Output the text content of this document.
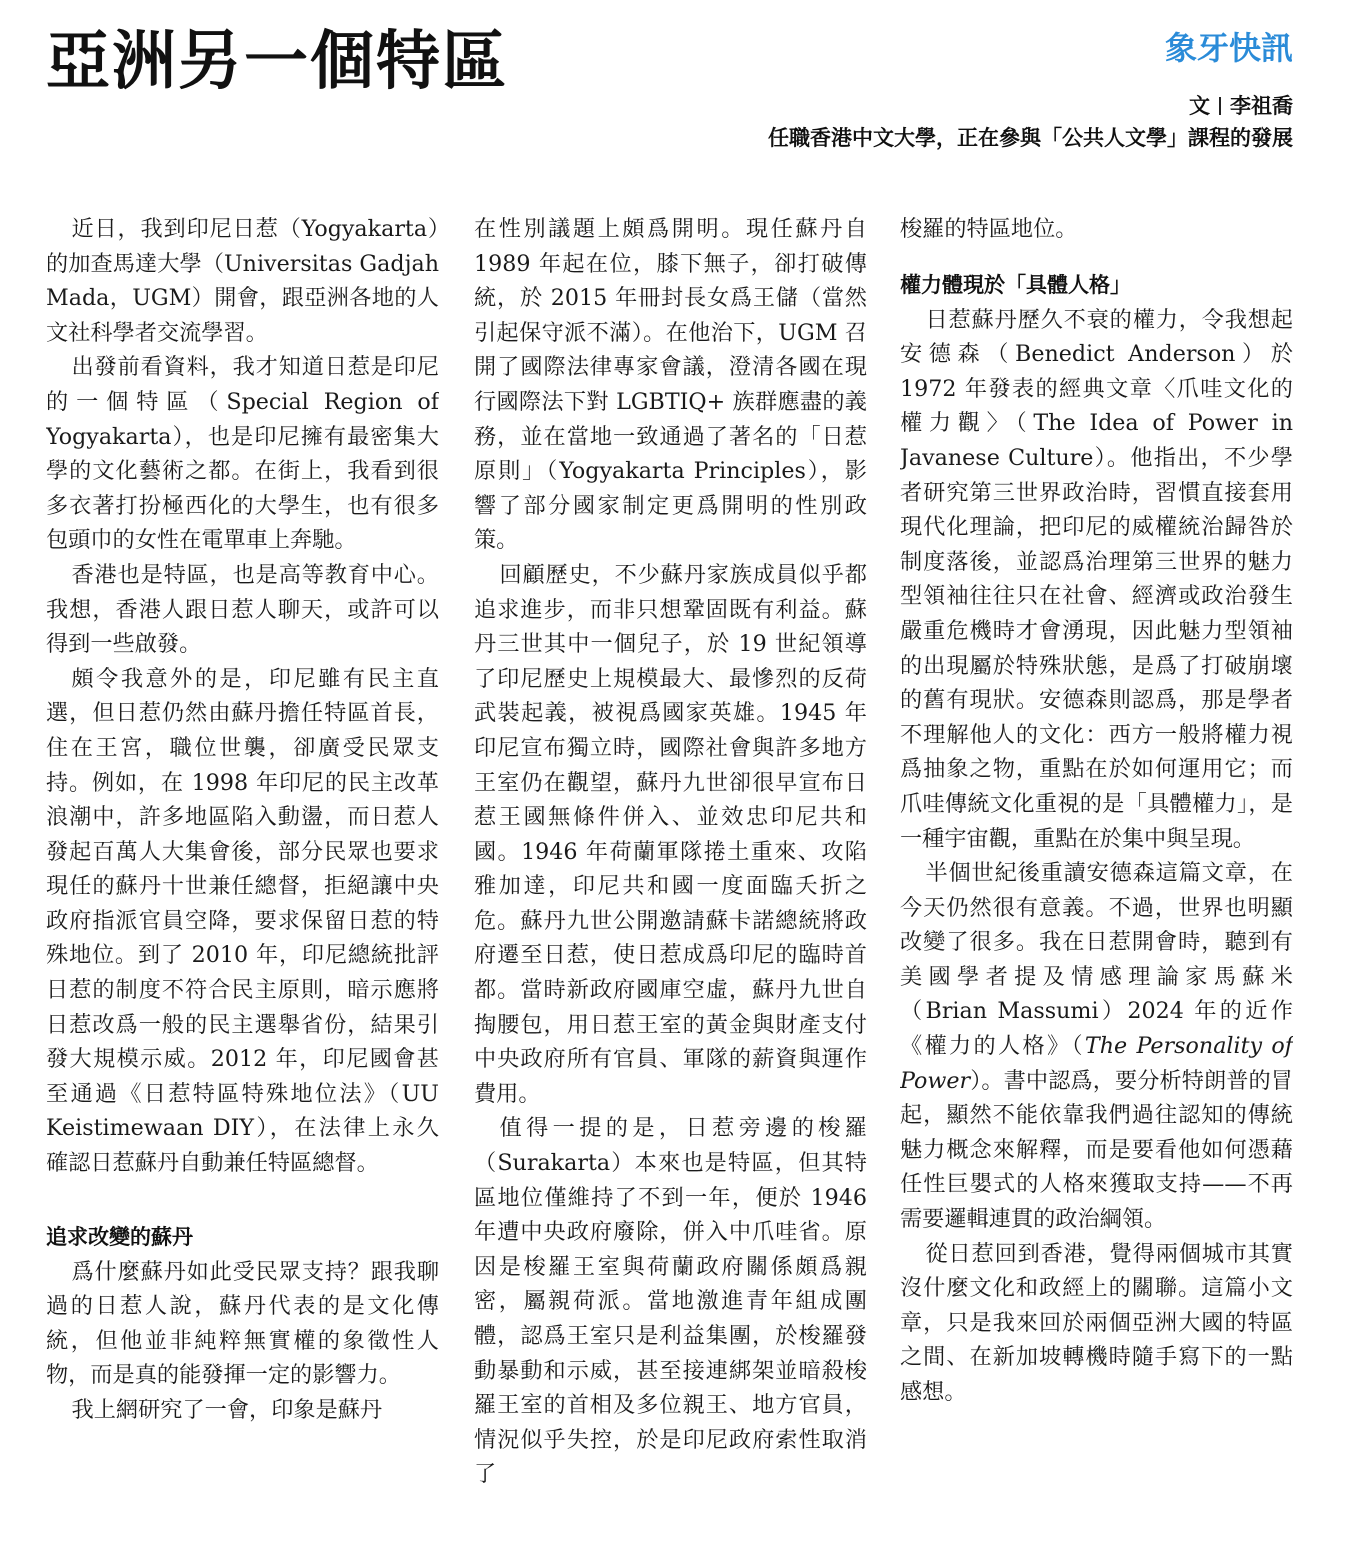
亞洲另一個特區	象牙快訊
文 李祖喬
任職香港中文大學，正在參與「公共人文學」課程的發展

近日，我到印尼日惹（Yogyakarta）的加查馬達大學（Universitas Gadjah Mada，UGM）開會，跟亞洲各地的人文社科學者交流學習。

出發前看資料，我才知道日惹是印尼的一個特區（Special Region of Yogyakarta），也是印尼擁有最密集大學的文化藝術之都。在街上，我看到很多衣著打扮極西化的大學生，也有很多包頭巾的女性在電單車上奔馳。

香港也是特區，也是高等教育中心。我想，香港人跟日惹人聊天，或許可以得到一些啟發。

頗令我意外的是，印尼雖有民主直選，但日惹仍然由蘇丹擔任特區首長，住在王宮，職位世襲，卻廣受民眾支持。例如，在 1998 年印尼的民主改革浪潮中，許多地區陷入動盪，而日惹人發起百萬人大集會後，部分民眾也要求現任的蘇丹十世兼任總督，拒絕讓中央政府指派官員空降，要求保留日惹的特殊地位。到了 2010 年，印尼總統批評日惹的制度不符合民主原則，暗示應將日惹改爲一般的民主選舉省份，結果引發大規模示威。2012 年，印尼國會甚至通過《日惹特區特殊地位法》（UU Keistimewaan DIY），在法律上永久確認日惹蘇丹自動兼任特區總督。

追求改變的蘇丹

爲什麼蘇丹如此受民眾支持？跟我聊過的日惹人說，蘇丹代表的是文化傳統，但他並非純粹無實權的象徵性人物，而是真的能發揮一定的影響力。

我上網研究了一會，印象是蘇丹

在性別議題上頗爲開明。現任蘇丹自 1989 年起在位，膝下無子，卻打破傳統，於 2015 年冊封長女爲王儲（當然引起保守派不滿）。在他治下，UGM 召開了國際法律專家會議，澄清各國在現行國際法下對 LGBTIQ+ 族群應盡的義務，並在當地一致通過了著名的「日惹原則」（Yogyakarta Principles），影響了部分國家制定更爲開明的性別政策。

回顧歷史，不少蘇丹家族成員似乎都追求進步，而非只想鞏固既有利益。蘇丹三世其中一個兒子，於 19 世紀領導了印尼歷史上規模最大、最慘烈的反荷武裝起義，被視爲國家英雄。1945 年印尼宣布獨立時，國際社會與許多地方王室仍在觀望，蘇丹九世卻很早宣布日惹王國無條件併入、並效忠印尼共和國。1946 年荷蘭軍隊捲土重來、攻陷雅加達，印尼共和國一度面臨夭折之危。蘇丹九世公開邀請蘇卡諾總統將政府遷至日惹，使日惹成爲印尼的臨時首都。當時新政府國庫空虛，蘇丹九世自掏腰包，用日惹王室的黃金與財產支付中央政府所有官員、軍隊的薪資與運作費用。

值得一提的是，日惹旁邊的梭羅（Surakarta）本來也是特區，但其特區地位僅維持了不到一年，便於 1946 年遭中央政府廢除，併入中爪哇省。原因是梭羅王室與荷蘭政府關係頗爲親密，屬親荷派。當地激進青年組成團體，認爲王室只是利益集團，於梭羅發動暴動和示威，甚至接連綁架並暗殺梭羅王室的首相及多位親王、地方官員，情況似乎失控，於是印尼政府索性取消了

梭羅的特區地位。

權力體現於「具體人格」

日惹蘇丹歷久不衰的權力，令我想起安德森（Benedict Anderson）於 1972 年發表的經典文章〈爪哇文化的權力觀〉（The Idea of Power in Javanese Culture）。他指出，不少學者研究第三世界政治時，習慣直接套用現代化理論，把印尼的威權統治歸咎於制度落後，並認爲治理第三世界的魅力型領袖往往只在社會、經濟或政治發生嚴重危機時才會湧現，因此魅力型領袖的出現屬於特殊狀態，是爲了打破崩壞的舊有現狀。安德森則認爲，那是學者不理解他人的文化：西方一般將權力視爲抽象之物，重點在於如何運用它；而爪哇傳統文化重視的是「具體權力」，是一種宇宙觀，重點在於集中與呈現。

半個世紀後重讀安德森這篇文章，在今天仍然很有意義。不過，世界也明顯改變了很多。我在日惹開會時，聽到有美國學者提及情感理論家馬蘇米（Brian Massumi）2024 年的近作《權力的人格》（The Personality of Power）。書中認爲，要分析特朗普的冒起，顯然不能依靠我們過往認知的傳統魅力概念來解釋，而是要看他如何憑藉任性巨嬰式的人格來獲取支持——不再需要邏輯連貫的政治綱領。

從日惹回到香港，覺得兩個城市其實沒什麼文化和政經上的關聯。這篇小文章，只是我來回於兩個亞洲大國的特區之間、在新加坡轉機時隨手寫下的一點感想。
